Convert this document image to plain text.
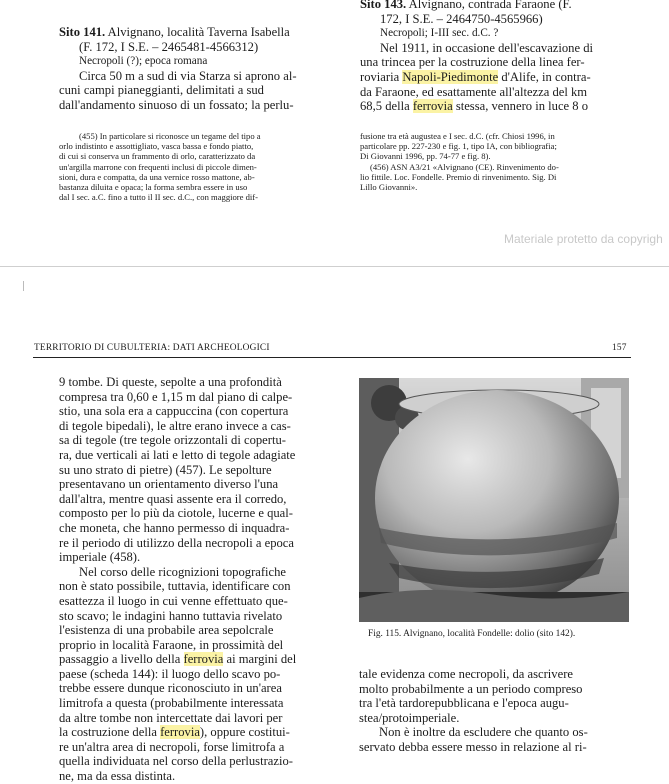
Sito 141. Alvignano, località Taverna Isabella
(F. 172, I S.E. – 2465481-4566312)
Necropoli (?); epoca romana
Circa 50 m a sud di via Starza si aprono al-
cuni campi pianeggianti, delimitati a sud
dall'andamento sinuoso di un fossato; la perlu-
(455) In particolare si riconosce un tegame del tipo a
orlo indistinto e assottigliato, vasca bassa e fondo piatto,
di cui si conserva un frammento di orlo, caratterizzato da
un'argilla marrone con frequenti inclusi di piccole dimen-
sioni, dura e compatta, da una vernice rosso mattone, ab-
bastanza diluita e opaca; la forma sembra essere in uso
dal I sec. a.C. fino a tutto il II sec. d.C., con maggiore dif-
Sito 143. Alvignano, contrada Faraone (F.
172, I S.E. – 2464750-4565966)
Necropoli; I-III sec. d.C. ?
Nel 1911, in occasione dell'escavazione di
una trincea per la costruzione della linea fer-
roviaria Napoli-Piedimonte d'Alife, in contra-
da Faraone, ed esattamente all'altezza del km
68,5 della ferrovia stessa, vennero in luce 8 o
fusione tra età augustea e I sec. d.C. (cfr. Chiosi 1996, in
particolare pp. 227-230 e fig. 1, tipo IA, con bibliografia;
Di Giovanni 1996, pp. 74-77 e fig. 8).
(456) ASN A3/21 «Alvignano (CE). Rinvenimento do-
lio fittile. Loc. Fondelle. Premio di rinvenimento. Sig. Di
Lillo Giovanni».
Materiale protetto da copyrigh
TERRITORIO DI CUBULTERIA: DATI ARCHEOLOGICI	157
9 tombe. Di queste, sepolte a una profondità
compresa tra 0,60 e 1,15 m dal piano di calpe-
stio, una sola era a cappuccina (con copertura
di tegole bipedali), le altre erano invece a cas-
sa di tegole (tre tegole orizzontali di copertu-
ra, due verticali ai lati e letto di tegole adagiate
su uno strato di pietre) (457). Le sepolture
presentavano un orientamento diverso l'una
dall'altra, mentre quasi assente era il corredo,
composto per lo più da ciotole, lucerne e qual-
che moneta, che hanno permesso di inquadra-
re il periodo di utilizzo della necropoli a epoca
imperiale (458).
Nel corso delle ricognizioni topografiche
non è stato possibile, tuttavia, identificare con
esattezza il luogo in cui venne effettuato que-
sto scavo; le indagini hanno tuttavia rivelato
l'esistenza di una probabile area sepolcrale
proprio in località Faraone, in prossimità del
passaggio a livello della ferrovia ai margini del
paese (scheda 144): il luogo dello scavo po-
trebbe essere dunque riconosciuto in un'area
limitrofa a questa (probabilmente interessata
da altre tombe non intercettate dai lavori per
la costruzione della ferrovia), oppure costitui-
re un'altra area di necropoli, forse limitrofa a
quella individuata nel corso della perlustrazio-
ne, ma da essa distinta.
Fig. 115. Alvignano, località Fondelle: dolio (sito 142).
tale evidenza come necropoli, da ascrivere
molto probabilmente a un periodo compreso
tra l'età tardorepubblicana e l'epoca augu-
stea/protoimperiale.
Non è inoltre da escludere che quanto os-
servato debba essere messo in relazione al ri-
